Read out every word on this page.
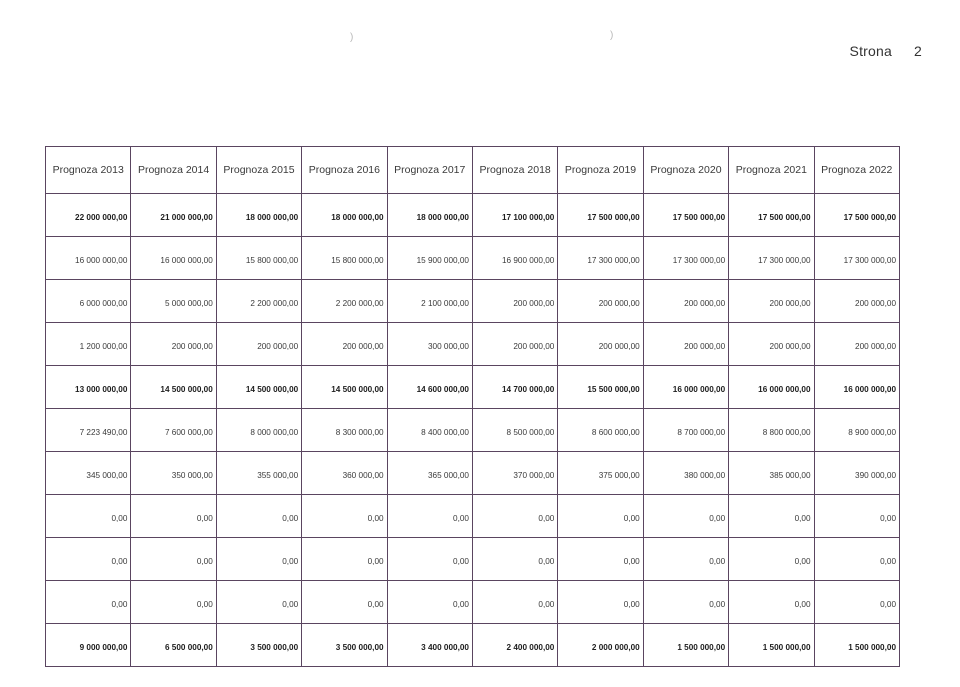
Strona 2
)	)
Prognoza 2013	Prognoza 2014	Prognoza 2015	Prognoza 2016	Prognoza 2017	Prognoza 2018	Prognoza 2019	Prognoza 2020	Prognoza 2021	Prognoza 2022
22 000 000,00	21 000 000,00	18 000 000,00	18 000 000,00	18 000 000,00	17 100 000,00	17 500 000,00	17 500 000,00	17 500 000,00	17 500 000,00
16 000 000,00	16 000 000,00	15 800 000,00	15 800 000,00	15 900 000,00	16 900 000,00	17 300 000,00	17 300 000,00	17 300 000,00	17 300 000,00
6 000 000,00	5 000 000,00	2 200 000,00	2 200 000,00	2 100 000,00	200 000,00	200 000,00	200 000,00	200 000,00	200 000,00
1 200 000,00	200 000,00	200 000,00	200 000,00	300 000,00	200 000,00	200 000,00	200 000,00	200 000,00	200 000,00
13 000 000,00	14 500 000,00	14 500 000,00	14 500 000,00	14 600 000,00	14 700 000,00	15 500 000,00	16 000 000,00	16 000 000,00	16 000 000,00
7 223 490,00	7 600 000,00	8 000 000,00	8 300 000,00	8 400 000,00	8 500 000,00	8 600 000,00	8 700 000,00	8 800 000,00	8 900 000,00
345 000,00	350 000,00	355 000,00	360 000,00	365 000,00	370 000,00	375 000,00	380 000,00	385 000,00	390 000,00
0,00	0,00	0,00	0,00	0,00	0,00	0,00	0,00	0,00	0,00
0,00	0,00	0,00	0,00	0,00	0,00	0,00	0,00	0,00	0,00
0,00	0,00	0,00	0,00	0,00	0,00	0,00	0,00	0,00	0,00
9 000 000,00	6 500 000,00	3 500 000,00	3 500 000,00	3 400 000,00	2 400 000,00	2 000 000,00	1 500 000,00	1 500 000,00	1 500 000,00
